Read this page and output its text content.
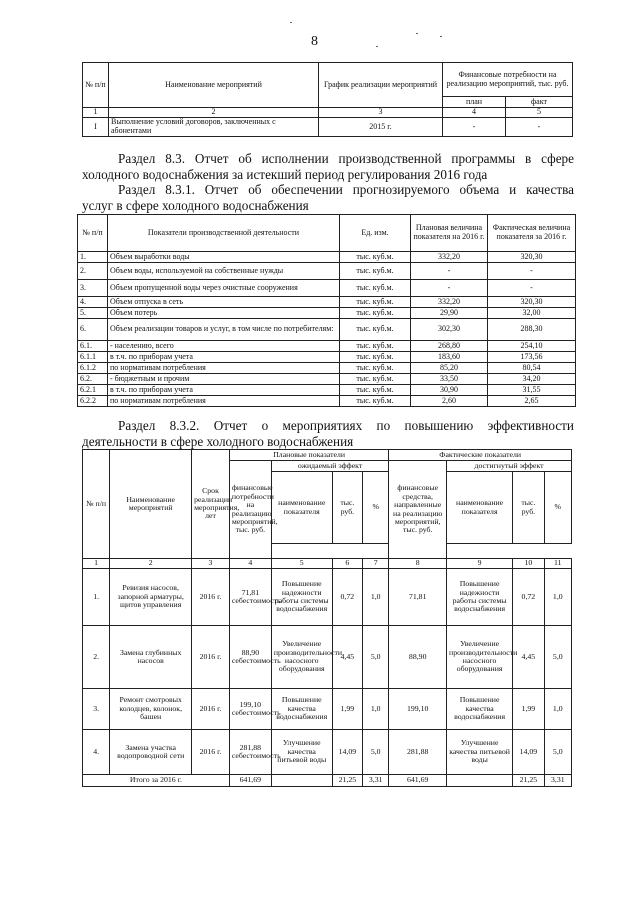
8
№ п/п	Наименование мероприятий	График реализации мероприятий	Финансовые потребности на реализацию мероприятий, тыс. руб.	
			план	факт
1	2	3	4	5
I	Выполнение условий договоров, заключенных с абонентами	2015 г.	-	-
Раздел 8.3. Отчет об исполнении производственной программы в сфере
холодного водоснабжения за истекший период регулирования 2016 года
Раздел 8.3.1. Отчет об обеспечении прогнозируемого объема и качества
услуг в сфере холодного водоснабжения
№ п/п	Показатели производственной деятельности	Ед. изм.	Плановая величина показателя на 2016 г.	Фактическая величина показателя за 2016 г.
1.	Объем выработки воды	тыс. куб.м.	332,20	320,30
2.	Объем воды, используемой на собственные нужды	тыс. куб.м.	-	-
3.	Объем пропущенной воды через очистные сооружения	тыс. куб.м.	-	-
4.	Объем отпуска в сеть	тыс. куб.м.	332,20	320,30
5.	Объем потерь	тыс. куб.м.	29,90	32,00
6.	Объем реализации товаров и услуг, в том числе по потребителям:	тыс. куб.м.	302,30	288,30
6.1.	- населению, всего	тыс. куб.м.	268,80	254,10
6.1.1	в т.ч. по приборам учета	тыс. куб.м.	183,60	173,56
6.1.2	по нормативам потребления	тыс. куб.м.	85,20	80,54
6.2.	- бюджетным и прочим	тыс. куб.м.	33,50	34,20
6.2.1	в т.ч. по приборам учета	тыс. куб.м.	30,90	31,55
6.2.2	по нормативам потребления	тыс. куб.м.	2,60	2,65
Раздел 8.3.2. Отчет о мероприятиях по повышению эффективности
деятельности в сфере холодного водоснабжения
№ п/п	Наименование мероприятий	Срок реализации мероприятия, лет	Плановые показатели				Фактические показатели			
			финансовые потребности на реализацию мероприятий, тыс. руб.	ожидаемый эффект			финансовые средства, направленные на реализацию мероприятий, тыс. руб.	достигнутый эффект		
				наименование показателя	тыс. руб.	%		наименование показателя	тыс. руб.	%

1	2	3	4	5	6	7	8	9	10	11
1.	Ревизия насосов, запорной арматуры, щитов управления	2016 г.	71,81 себестоимость	Повышение надежности работы системы водоснабжения	0,72	1,0	71,81	Повышение надежности работы системы водоснабжения	0,72	1,0
2.	Замена глубинных насосов	2016 г.	88,90 себестоимость	Увеличение производительности насосного оборудования	4,45	5,0	88,90	Увеличение производительности насосного оборудования	4,45	5,0
3.	Ремонт смотровых колодцев, колонок, башен	2016 г.	199,10 себестоимость	Повышение качества водоснабжения	1,99	1,0	199,10	Повышение качества водоснабжения	1,99	1,0
4.	Замена участка водопроводной сети	2016 г.	281,88 себестоимость	Улучшение качества питьевой воды	14,09	5,0	281,88	Улучшение качества питьевой воды	14,09	5,0
Итого за 2016 г.			641,69		21,25	3,31	641,69		21,25	3,31
